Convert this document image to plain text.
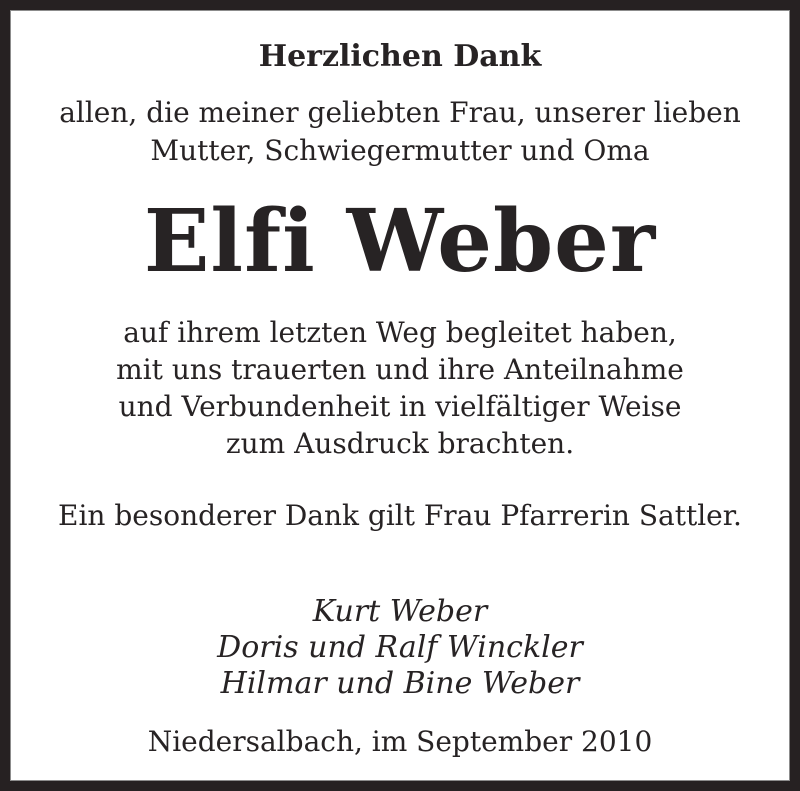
Herzlichen Dank

allen, die meiner geliebten Frau, unserer lieben
Mutter, Schwiegermutter und Oma

Elfi Weber

auf ihrem letzten Weg begleitet haben,
mit uns trauerten und ihre Anteilnahme
und Verbundenheit in vielfältiger Weise
zum Ausdruck brachten.

Ein besonderer Dank gilt Frau Pfarrerin Sattler.

Kurt Weber
Doris und Ralf Winckler
Hilmar und Bine Weber

Niedersalbach, im September 2010
